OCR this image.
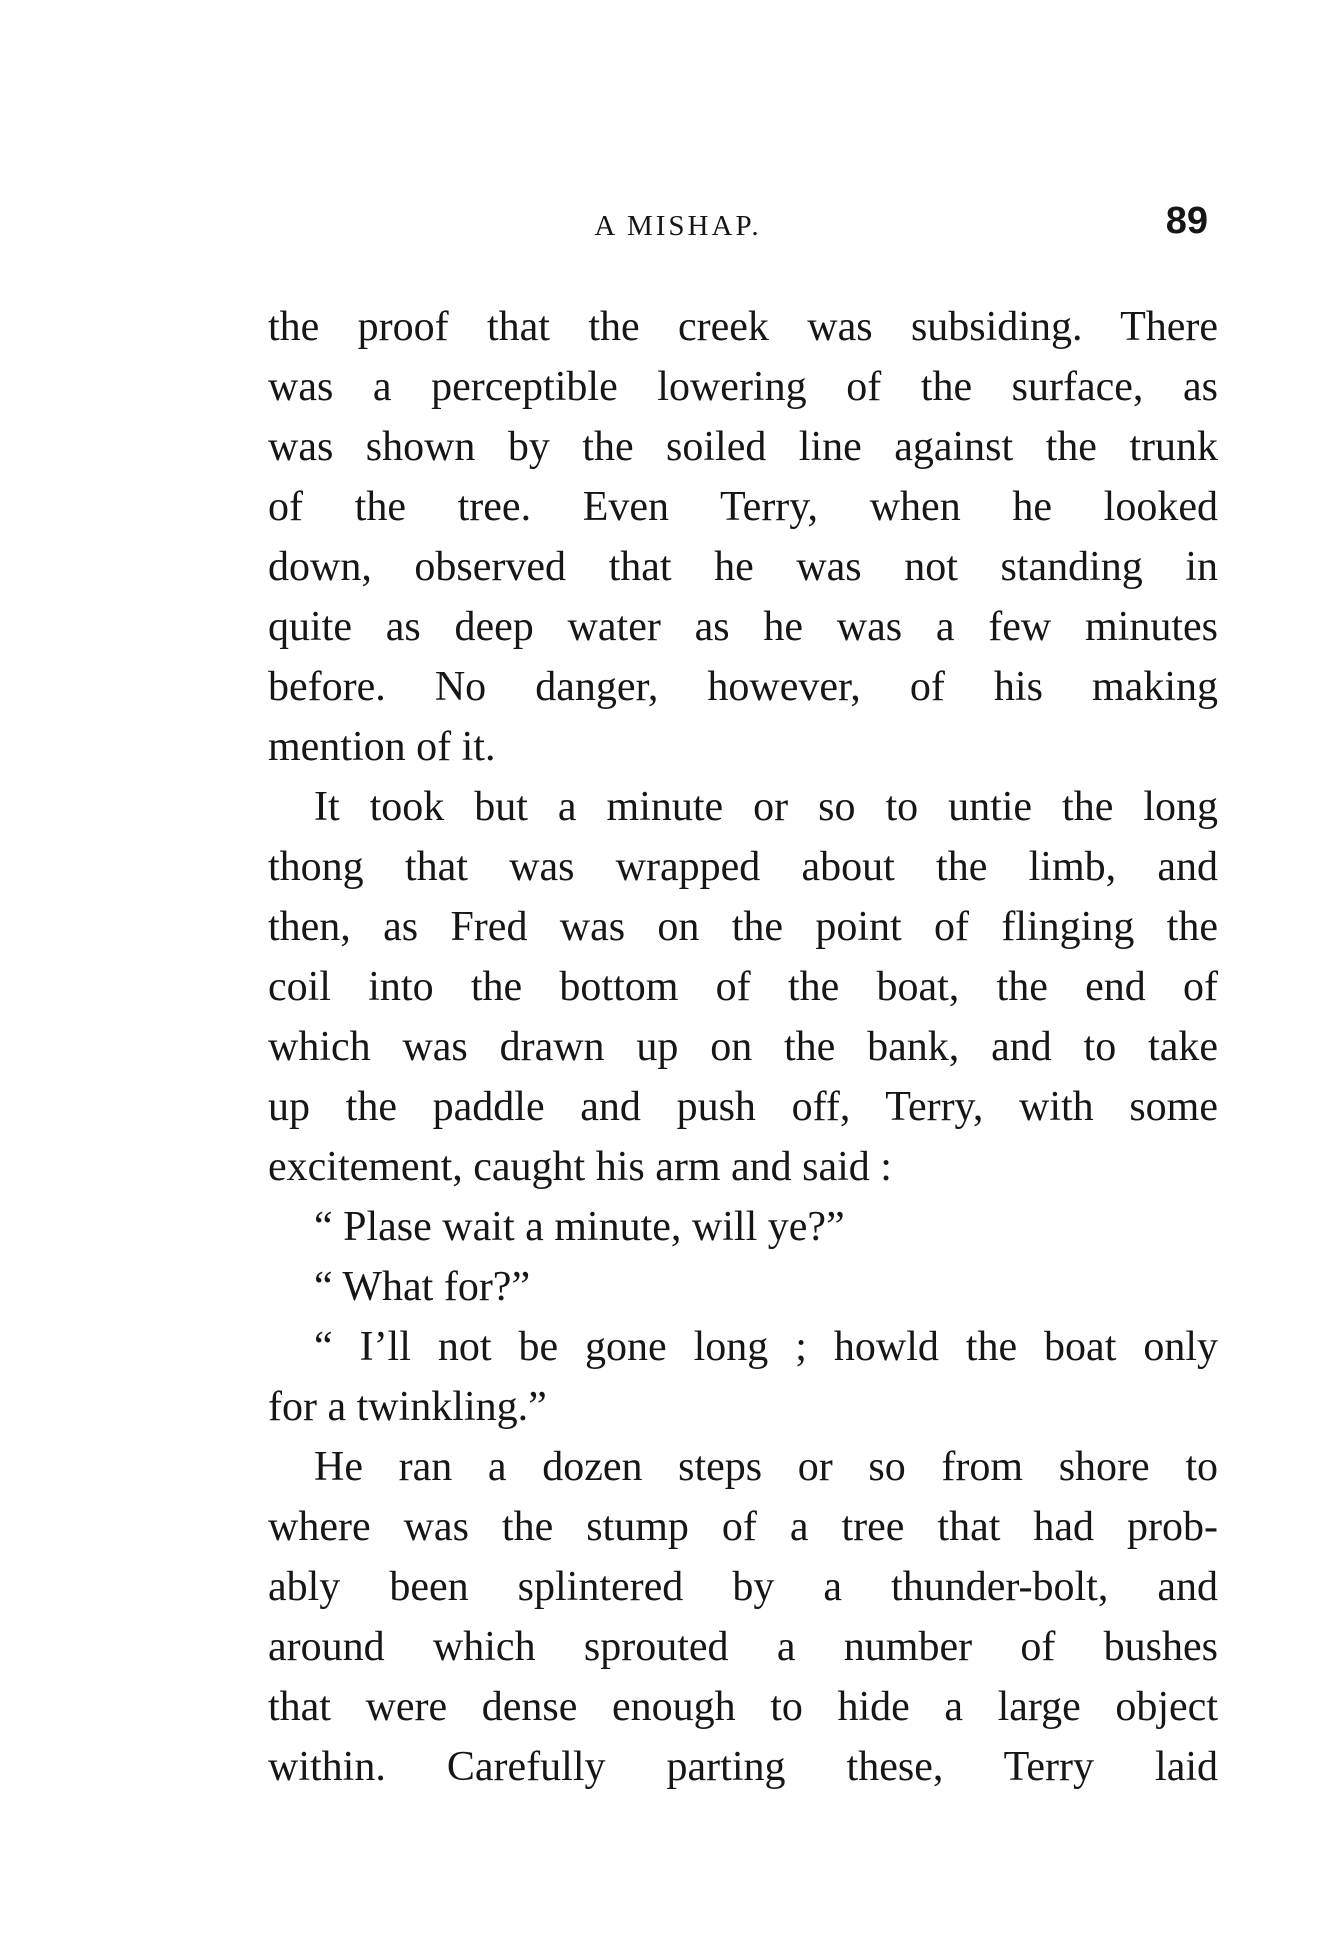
A MISHAP.	89
the proof that the creek was subsiding. There
was a perceptible lowering of the surface, as
was shown by the soiled line against the trunk
of the tree. Even Terry, when he looked
down, observed that he was not standing in
quite as deep water as he was a few minutes
before. No danger, however, of his making
mention of it.
It took but a minute or so to untie the long
thong that was wrapped about the limb, and
then, as Fred was on the point of flinging the
coil into the bottom of the boat, the end of
which was drawn up on the bank, and to take
up the paddle and push off, Terry, with some
excitement, caught his arm and said :
“ Plase wait a minute, will ye?”
“ What for?”
“ I’ll not be gone long ; howld the boat only
for a twinkling.”
He ran a dozen steps or so from shore to
where was the stump of a tree that had prob-
ably been splintered by a thunder-bolt, and
around which sprouted a number of bushes
that were dense enough to hide a large object
within. Carefully parting these, Terry laid
